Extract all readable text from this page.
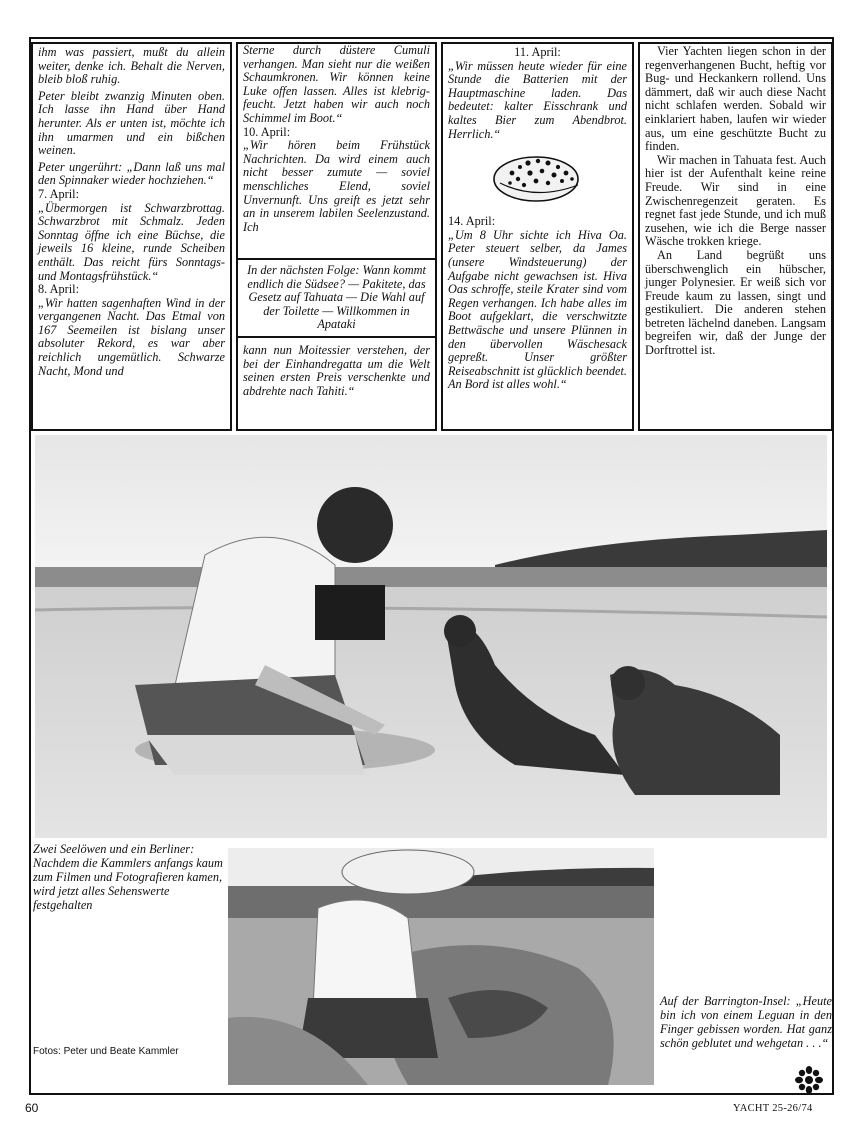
ihm was passiert, mußt du allein weiter, denke ich. Behalt die Nerven, bleib bloß ruhig.

Peter bleibt zwanzig Minuten oben. Ich lasse ihn Hand über Hand herunter. Als er unten ist, möchte ich ihn umarmen und ein bißchen weinen.

Peter ungerührt: „Dann laß uns mal den Spinnaker wieder hochziehen.“

7. April:

„Übermorgen ist Schwarzbrottag. Schwarzbrot mit Schmalz. Jeden Sonntag öffne ich eine Büchse, die jeweils 16 kleine, runde Scheiben enthält. Das reicht fürs Sonntags- und Montagsfrühstück.“

8. April:

„Wir hatten sagenhaften Wind in der vergangenen Nacht. Das Etmal von 167 Seemeilen ist bislang unser absoluter Rekord, es war aber reichlich ungemütlich. Schwarze Nacht, Mond und

Sterne durch düstere Cumuli verhangen. Man sieht nur die weißen Schaumkronen. Wir können keine Luke offen lassen. Alles ist klebrig-feucht. Jetzt haben wir auch noch Schimmel im Boot.“

10. April:

„Wir hören beim Frühstück Nachrichten. Da wird einem auch nicht besser zumute — soviel menschliches Elend, soviel Unvernunft. Uns greift es jetzt sehr an in unserem labilen Seelenzustand. Ich

In der nächsten Folge: Wann kommt endlich die Südsee? — Pakitete, das Gesetz auf Tahuata — Die Wahl auf der Toilette — Willkommen in Apataki

kann nun Moitessier verstehen, der bei der Einhandregatta um die Welt seinen ersten Preis verschenkte und abdrehte nach Tahiti.“

11. April:

„Wir müssen heute wieder für eine Stunde die Batterien mit der Hauptmaschine laden. Das bedeutet: kalter Eisschrank und kaltes Bier zum Abendbrot. Herrlich.“

14. April:

„Um 8 Uhr sichte ich Hiva Oa. Peter steuert selber, da James (unsere Windsteuerung) der Aufgabe nicht gewachsen ist. Hiva Oas schroffe, steile Krater sind vom Regen verhangen. Ich habe alles im Boot aufgeklart, die verschwitzte Bettwäsche und unsere Plünnen in den übervollen Wäschesack gepreßt. Unser größter Reiseabschnitt ist glücklich beendet. An Bord ist alles wohl.“

Vier Yachten liegen schon in der regenverhangenen Bucht, heftig vor Bug- und Heckankern rollend. Uns dämmert, daß wir auch diese Nacht nicht schlafen werden. Sobald wir einklariert haben, laufen wir wieder aus, um eine geschützte Bucht zu finden.

Wir machen in Tahuata fest. Auch hier ist der Aufenthalt keine reine Freude. Wir sind in eine Zwischenregenzeit geraten. Es regnet fast jede Stunde, und ich muß zusehen, wie ich die Berge nasser Wäsche trokken kriege.

An Land begrüßt uns überschwenglich ein hübscher, junger Polynesier. Er weiß sich vor Freude kaum zu lassen, singt und gestikuliert. Die anderen stehen betreten lächelnd daneben. Langsam begreifen wir, daß der Junge der Dorftrottel ist.

Zwei Seelöwen und ein Berliner: Nachdem die Kammlers anfangs kaum zum Filmen und Fotografieren kamen, wird jetzt alles Sehenswerte festgehalten
Auf der Barrington-Insel: „Heute bin ich von einem Leguan in den Finger gebissen worden. Hat ganz schön geblutet und wehgetan . . .“
Fotos: Peter und Beate Kammler
60	YACHT 25-26/74
